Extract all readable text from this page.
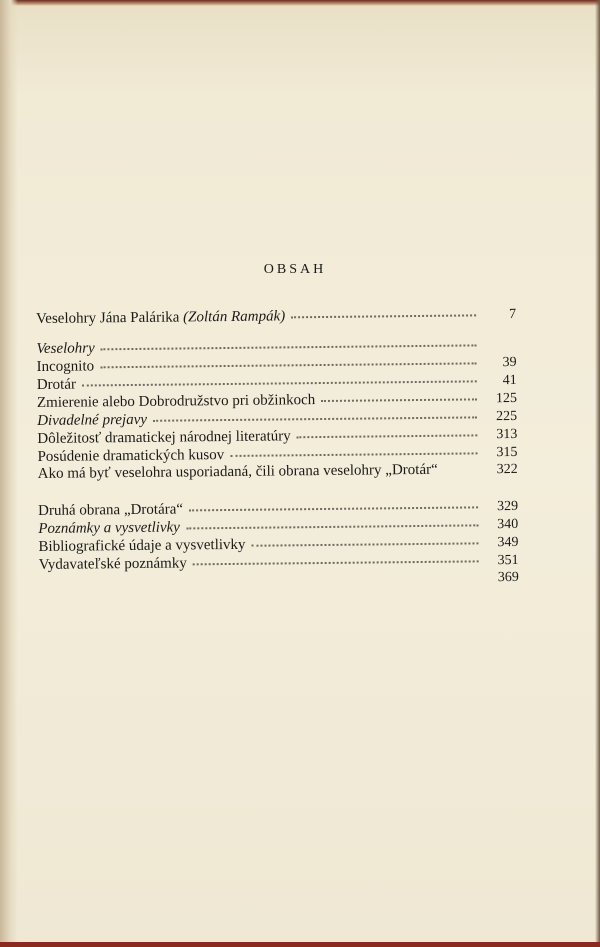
OBSAH
Veselohry Jána Palárika (Zoltán Rampák)	7
Veselohry
Incognito	39
Drotár	41
Zmierenie alebo Dobrodružstvo pri obžinkoch	125
Divadelné prejavy	225
Dôležitosť dramatickej národnej literatúry	313
Posúdenie dramatických kusov	315
Ako má byť veselohra usporiadaná, čili obrana veselohry „Drotár“	322
Druhá obrana „Drotára“	329
Poznámky a vysvetlivky	340
Bibliografické údaje a vysvetlivky	349
Vydavateľské poznámky	351
369
